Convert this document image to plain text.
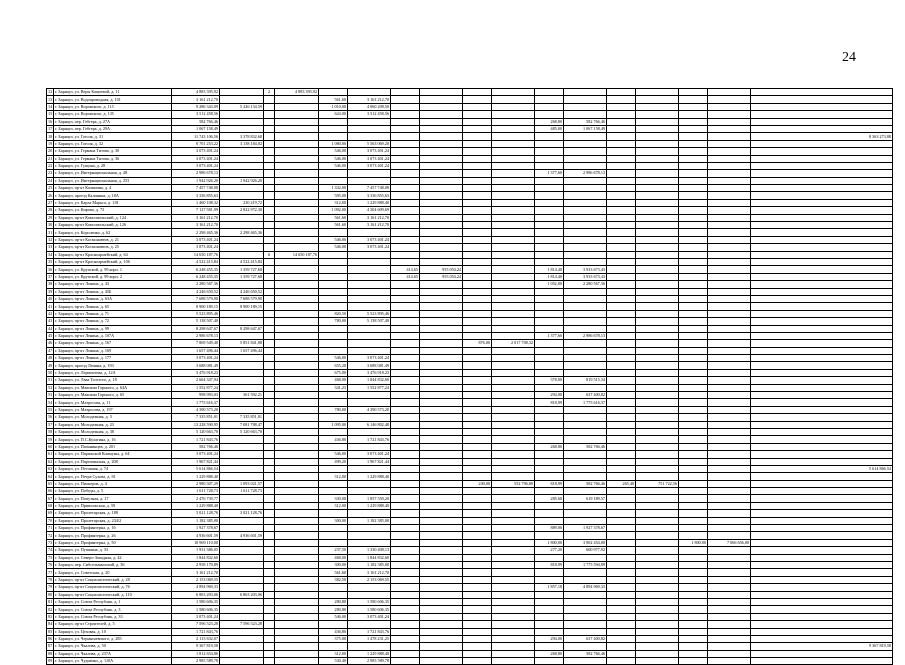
24
12	г. Барнаул, ул. Веры Кащеевой, д. 11	4 883 395,92		2	4 883 395,92													
13	г. Барнаул, ул. Водопроводная, д. 101	3 161 212,70				561,60	3 161 212,70											
14	г. Барнаул, ул. Воровского, д. 115	9 286 343,09	5 226 134,59			1 010,00	4 060 208,50											
15	г. Барнаул, ул. Воровского, д. 135	3 512 458,56				624,00	3 512 458,56											
16	г. Барнаул, пер. Гебгера, д. 27А	582 766,46										268,80	582 766,46					
17	г. Барнаул, пер. Гебгера, д. 29А	1 067 158,49										485,00	1 067 158,49					
18	г. Барнаул, ул. Гоголя, д. 31	11 743 106,56	3 378 832,68															8 363 273,88
19	г. Барнаул, ул. Гоголя, д. 32	8 701 253,22	3 138 184,02			1 080,00	5 563 069,20											
20	г. Барнаул, ул. Германа Титова, д. 30	3 073 401,24				546,00	3 073 401,24											
21	г. Барнаул, ул. Германа Титова, д. 36	3 073 401,24				546,00	3 073 401,24											
22	г. Барнаул, ул. Гущина, д. 28	3 073 401,24				546,00	3 073 401,24											
23	г. Барнаул, ул. Интернациональная, д. 48	2 986 678,13										1 377,60	2 986 678,13					
24	г. Барнаул, ул. Интернациональная, д. 253	1 942 926,20	1 942 926,20															
25	г. Барнаул, пр-кт Калинина, д. 4	7 457 748,08				1 332,00	7 457 748,08											
26	г. Барнаул, проезд Калинина, д. 18А	3 336 855,63				595,00	3 336 855,63											
27	г. Барнаул, ул. Карла Маркса, д. 118	1 460 108,32	230 219,72			312,00	1 229 888,40											
28	г. Барнаул, ул. Кирова, д. 73	7 127 581,99	2 822 972,30			1 092,00	4 304 609,69											
29	г. Барнаул, пр-кт Комсомольский, д. 124	3 161 212,70				561,60	3 161 212,70											
30	г. Барнаул, пр-кт Комсомольский, д. 126	3 161 212,70				561,60	3 161 212,70											
31	г. Барнаул, ул. Короленко, д. 62	2 298 465,36	2 298 465,36															
32	г. Барнаул, пр-кт Космонавтов, д. 21	3 073 401,24				546,00	3 073 401,24											
33	г. Барнаул, пр-кт Космонавтов, д. 25	3 073 401,24				546,00	3 073 401,24											
34	г. Барнаул, пр-кт Красноармейский, д. 64	14 650 187,76		6	14 650 187,76													
35	г. Барнаул, пр-кт Красноармейский, д. 106	4 522 415,84	4 522 415,84															
36	г. Барнаул, ул. Крупской, д. 99 корп. 1	6 248 455,35	1 359 727,68					414,65	955 054,24			1 814,40	3 933 673,43					
37	г. Барнаул, ул. Крупской, д. 99 корп. 2	6 248 455,35	1 359 727,68					414,65	955 054,24			1 814,40	3 933 673,43					
38	г. Барнаул, пр-кт Ленина, д. 43	2 280 567,36										1 052,00	2 280 567,36					
39	г. Барнаул, пр-кт Ленина, д. 45Б	4 246 650,52	4 246 650,52															
40	г. Барнаул, пр-кт Ленина, д. 63А	7 688 579,90	7 688 579,90															
41	г. Барнаул, пр-кт Ленина, д. 65	8 900 189,15	8 900 189,15															
42	г. Барнаул, пр-кт Ленина, д. 71	5 523 895,46				820,50	5 523 895,46											
43	г. Барнаул, пр-кт Ленина, д. 72	5 138 507,40				780,00	5 138 507,40											
44	г. Барнаул, пр-кт Ленина, д. 99	8 298 647,67	8 298 647,67															
45	г. Барнаул, пр-кт Ленина, д. 107А	2 986 678,13										1 377,60	2 986 678,13					
46	г. Барнаул, пр-кт Ленина, д. 167	7 869 549,40	5 851 841,08							876,00	2 017 708,32							
47	г. Барнаул, пр-кт Ленина, д. 169	1 657 496,44	1 657 496,44															
48	г. Барнаул, пр-кт Ленина, д. 177	3 073 401,24				546,00	3 073 401,24											
49	г. Барнаул, проезд Ленина, д. 193	3 688 081,49				655,20	3 688 081,49											
50	г. Барнаул, ул. Лермонтова, д. 12А	3 476 918,23				675,00	3 476 918,23											
51	г. Барнаул, ул. Льва Толстого, д. 18	2 664 347,94				468,00	1 844 832,60					378,00	819 515,34					
52	г. Барнаул, ул. Максима Горького, д. 64А	1 552 877,24				341,23	1 552 877,24											
53	г. Барнаул, ул. Максима Горького, д. 65	998 993,03	361 592,21									294,00	637 400,82					
54	г. Барнаул, ул. Матросова, д. 11	1 775 616,37										818,99	1 775 616,37					
55	г. Барнаул, ул. Матросова, д. 197	4 390 573,20				780,00	4 390 573,20											
56	г. Барнаул, ул. Молодежная, д. 3	7 335 851,01	7 335 851,01															
57	г. Барнаул, ул. Молодежная, д. 23	13 228 590,95	7 081 788,47			1 095,00	6 146 802,48											
58	г. Барнаул, ул. Молодежная, д. 38	5 120 663,70	5 120 663,70															
59	г. Барнаул, ул. П.С.Кулагина, д. 16	1 721 843,76				436,80	1 721 843,76											
60	г. Барнаул, ул. Папанинцев, д. 201	582 766,46										268,80	582 766,46					
61	г. Барнаул, ул. Парижской Коммуны, д. 64	3 073 401,24				546,00	3 073 401,24											
62	г. Барнаул, ул. Партизанская, д. 208	1 967 821,44				499,20	1 967 821,44											
63	г. Барнаул, ул. Песчаная, д. 74	5 614 866,54																5 614 866,54
64	г. Барнаул, ул. Петра Сухова, д. 81	1 229 888,40				312,00	1 229 888,40											
65	г. Барнаул, ул. Пионеров, д. 4	2 980 307,29	1 093 021,57							240,00	552 796,80	818,99	582 766,46	265,40	751 722,56			
66	г. Барнаул, ул. Победы, д. 5	1 611 728,73	1 611 728,73															
67	г. Барнаул, ул. Попутная, д. 17	2 476 739,77				330,00	1 857 550,20					285,60	619 189,57					
68	г. Барнаул, ул. Приволжская, д. 59	1 229 888,40				312,00	1 229 888,40											
69	г. Барнаул, ул. Пролетарская, д. 188	3 021 128,76	3 021 128,76															
70	г. Барнаул, ул. Пролетарская, д. 234/2	1 182 385,00				300,00	1 182 385,00											
71	г. Барнаул, ул. Профинтерна, д. 16	1 927 378,67										889,00	1 927 378,67					
72	г. Барнаул, ул. Профинтерна, д. 26	4 936 601,59	4 936 601,59															
73	г. Барнаул, ул. Профинтерна, д. 50	10 969 110,00										1 800,00	3 902 454,00			1 800,00	7 066 656,00	
74	г. Барнаул, ул. Пушкина, д. 33	1 931 386,05				237,50	1 330 408,13					277,20	600 977,92					
75	г. Барнаул, ул. Северо-Западная, д. 42	1 844 832,60				468,00	1 844 832,60											
76	г. Барнаул, пер. Сибсельмашский, д. 36	2 958 179,89				300,00	1 182 385,00					818,99	1 775 594,89					
77	г. Барнаул, ул. Советская, д. 20	3 161 212,70				561,60	3 161 212,70											
78	г. Барнаул, пр-кт Социалистический, д. 28	2 153 069,55				382,50	2 153 069,55											
79	г. Барнаул, пр-кт Социалистический, д. 76	4 894 969,33										1 857,18	4 894 969,33					
80	г. Барнаул, пр-кт Социалистический, д. 110	6 863 203,06	6 863 203,06															
81	г. Барнаул, ул. Союза Республик, д. 1	1 580 606,35				280,80	1 580 606,35											
82	г. Барнаул, ул. Союза Республик, д. 3	1 580 606,35				280,80	1 580 606,35											
83	г. Барнаул, ул. Союза Республик, д. 33	3 073 401,24				546,00	3 073 401,24											
84	г. Барнаул, пр-кт Строителей, д. 5	7 596 523,28	7 596 523,28															
85	г. Барнаул, ул. Цеховая, д. 10	1 721 843,76				436,80	1 721 843,76											
86	г. Барнаул, ул. Чернышевского, д. 285	2 115 632,07				375,00	1 478 231,25					294,00	637 400,82					
87	г. Барнаул, ул. Чкалова, д. 50	9 367 819,58																9 367 819,58
88	г. Барнаул, ул. Чкалова, д. 237А	1 812 654,86				312,00	1 229 888,40					268,80	582 766,46					
89	г. Барнаул, ул. Чудненко, д. 110А	2 985 589,78				530,40	2 985 589,78											
